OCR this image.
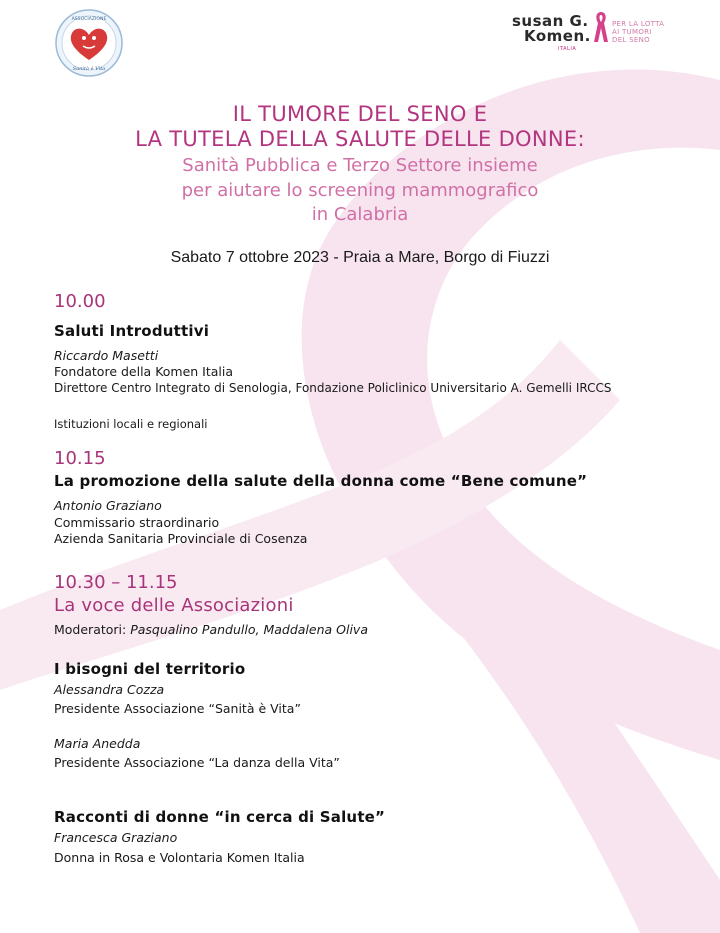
ASSOCIAZIONE
Sanità è Vita
susan G.
Komen.
ITALIA
PER LA LOTTA
AI TUMORI
DEL SENO
IL TUMORE DEL SENO E
LA TUTELA DELLA SALUTE DELLE DONNE:
Sanità Pubblica e Terzo Settore insieme
per aiutare lo screening mammografico
in Calabria
Sabato 7 ottobre 2023 - Praia a Mare, Borgo di Fiuzzi
10.00
Saluti Introduttivi
Riccardo Masetti
Fondatore della Komen Italia
Direttore Centro Integrato di Senologia, Fondazione Policlinico Universitario A. Gemelli IRCCS
Istituzioni locali e regionali
10.15
La promozione della salute della donna come “Bene comune”
Antonio Graziano
Commissario straordinario
Azienda Sanitaria Provinciale di Cosenza
10.30 – 11.15
La voce delle Associazioni
Moderatori: Pasqualino Pandullo, Maddalena Oliva
I bisogni del territorio
Alessandra Cozza
Presidente Associazione “Sanità è Vita”
Maria Anedda
Presidente Associazione “La danza della Vita”
Racconti di donne “in cerca di Salute”
Francesca Graziano
Donna in Rosa e Volontaria Komen Italia
